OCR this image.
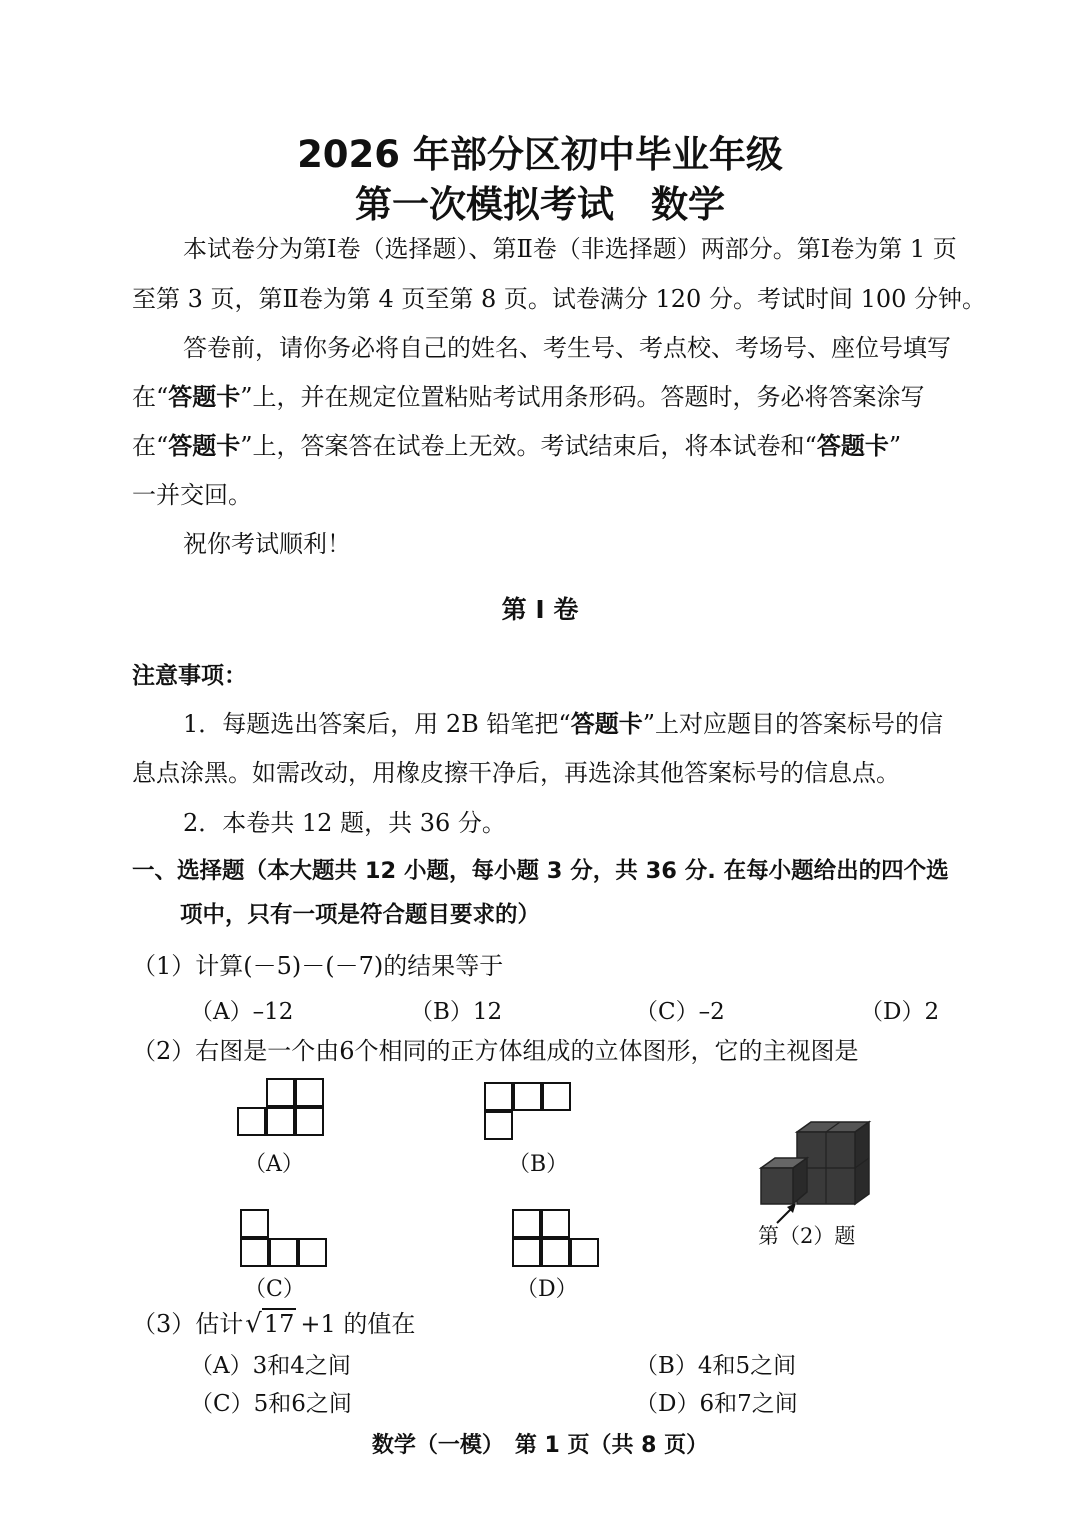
2026 年部分区初中毕业年级
第一次模拟考试　数学
本试卷分为第Ⅰ卷（选择题）、第Ⅱ卷（非选择题）两部分。第Ⅰ卷为第 1 页
至第 3 页，第Ⅱ卷为第 4 页至第 8 页。试卷满分 120 分。考试时间 100 分钟。
答卷前，请你务必将自己的姓名、考生号、考点校、考场号、座位号填写
在“答题卡”上，并在规定位置粘贴考试用条形码。答题时，务必将答案涂写
在“答题卡”上，答案答在试卷上无效。考试结束后，将本试卷和“答题卡”
一并交回。
祝你考试顺利！
第 Ⅰ 卷
注意事项：
1．每题选出答案后，用 2B 铅笔把“答题卡”上对应题目的答案标号的信
息点涂黑。如需改动，用橡皮擦干净后，再选涂其他答案标号的信息点。
2．本卷共 12 题，共 36 分。
一、选择题（本大题共 12 小题，每小题 3 分，共 36 分. 在每小题给出的四个选
项中，只有一项是符合题目要求的）
（1）计算(－5)－(－7)的结果等于
（A）–12	（B）12	（C）–2	（D）2
（2）右图是一个由6个相同的正方体组成的立体图形，它的主视图是
（A）	（B）
（C）	（D）
第（2）题
（3）估计√17 +1 的值在
（A）3和4之间	（B）4和5之间
（C）5和6之间	（D）6和7之间
数学（一模）　第 1 页（共 8 页）
